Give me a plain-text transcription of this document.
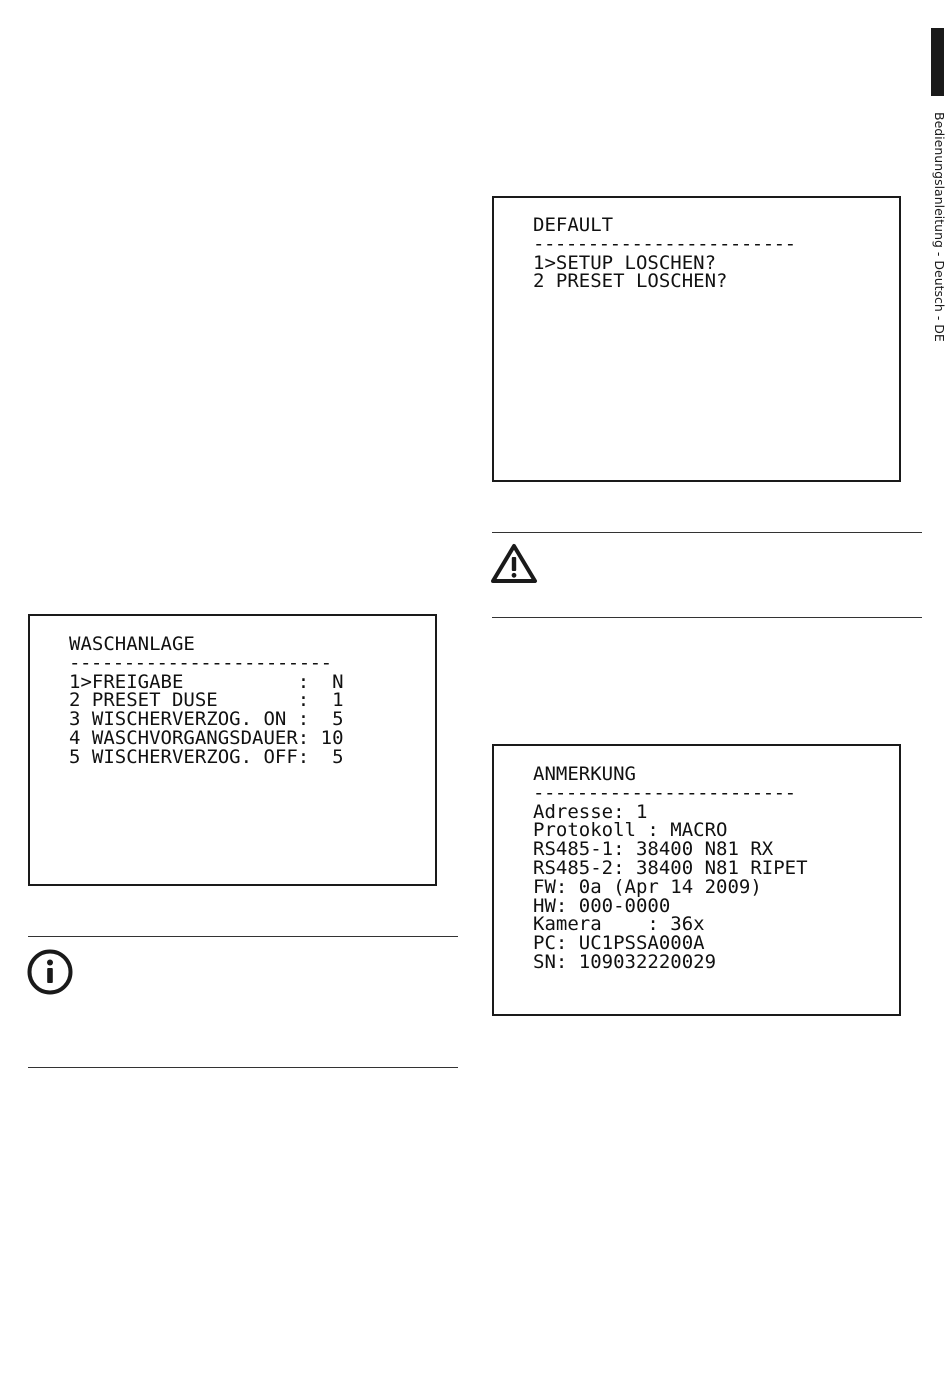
Bedienungslanleitung - Deutsch - DE
DEFAULT
------------------------
1>SETUP LOSCHEN?
2 PRESET LOSCHEN?
WASCHANLAGE
------------------------
1>FREIGABE          :  N
2 PRESET DUSE       :  1
3 WISCHERVERZOG. ON :  5
4 WASCHVORGANGSDAUER: 10
5 WISCHERVERZOG. OFF:  5
ANMERKUNG
------------------------
Adresse: 1
Protokoll : MACRO
RS485-1: 38400 N81 RX
RS485-2: 38400 N81 RIPET
FW: 0a (Apr 14 2009)
HW: 000-0000
Kamera    : 36x
PC: UC1PSSA000A
SN: 109032220029
